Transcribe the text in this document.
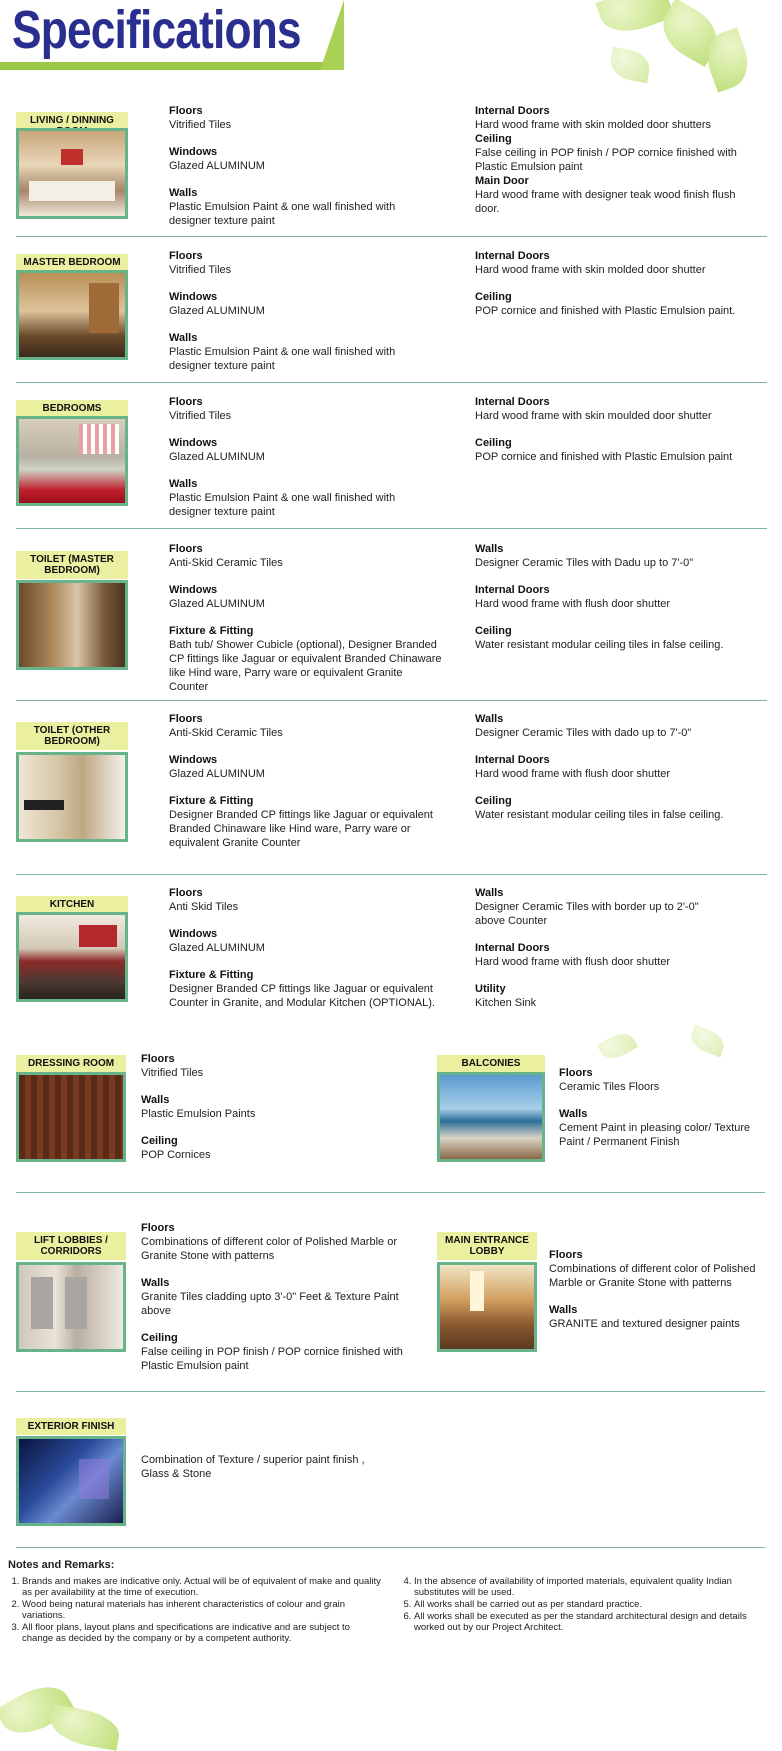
Specifications
LIVING / DINNING
Floors
Vitrified Tiles
Windows
Glazed ALUMINUM
Walls
Plastic Emulsion Paint & one wall finished with designer texture paint
Internal Doors
Hard wood frame with skin molded door shutters
Ceiling
False ceiling in POP finish / POP cornice finished with Plastic Emulsion paint
Main Door
Hard wood frame with designer teak wood finish flush door.
MASTER BEDROOM
Floors
Vitrified Tiles
Windows
Glazed ALUMINUM
Walls
Plastic Emulsion Paint & one wall finished with designer texture paint
Internal Doors
Hard wood frame with skin molded door shutter
Ceiling
POP cornice and finished with Plastic Emulsion paint.
BEDROOMS
Floors
Vitrified Tiles
Windows
Glazed ALUMINUM
Walls
Plastic Emulsion Paint & one wall finished with designer texture paint
Internal Doors
Hard wood frame with skin moulded door shutter
Ceiling
POP cornice and finished with Plastic Emulsion paint
TOILET (MASTER BEDROOM)
Floors
Anti-Skid Ceramic Tiles
Windows
Glazed ALUMINUM
Fixture & Fitting
Bath tub/ Shower Cubicle (optional), Designer Branded CP fittings like Jaguar or equivalent Branded Chinaware like Hind ware, Parry ware or equivalent Granite Counter
Walls
Designer Ceramic Tiles with Dadu up to 7'-0"
Internal Doors
Hard wood frame with flush door shutter
Ceiling
Water resistant modular ceiling tiles in false ceiling.
TOILET (OTHER BEDROOM)
Floors
Anti-Skid Ceramic Tiles
Windows
Glazed ALUMINUM
Fixture & Fitting
Designer Branded CP fittings like Jaguar or equivalent Branded Chinaware like Hind ware, Parry ware or equivalent Granite Counter
Walls
Designer Ceramic Tiles with dado up to 7'-0"
Internal Doors
Hard wood frame with flush door shutter
Ceiling
Water resistant modular ceiling tiles in false ceiling.
KITCHEN
Floors
Anti Skid Tiles
Windows
Glazed ALUMINUM
Fixture & Fitting
Designer Branded CP fittings like Jaguar or equivalent Counter in Granite, and Modular Kitchen (OPTIONAL).
Walls
Designer Ceramic Tiles with border up to 2'-0" above Counter
Internal Doors
Hard wood frame with flush door shutter
Utility
Kitchen Sink
DRESSING ROOM	Floors
Vitrified Tiles
Walls
Plastic Emulsion Paints
Ceiling
POP Cornices
BALCONIES
Floors
Ceramic Tiles Floors
Walls
Cement Paint in pleasing color/ Texture Paint / Permanent Finish
LIFT LOBBIES / CORRIDORS
Floors
Combinations of different color of Polished Marble or Granite Stone with patterns
Walls
Granite Tiles cladding upto 3'-0" Feet & Texture Paint above
Ceiling
False ceiling in POP finish / POP cornice finished with Plastic Emulsion paint
MAIN ENTRANCE LOBBY	Floors
Combinations of different color of Polished Marble or Granite Stone with patterns
Walls
GRANITE and textured designer paints
EXTERIOR FINISH
Combination of Texture / superior paint finish , Glass & Stone
Notes and Remarks:
1. Brands and makes are indicative only. Actual will be of equivalent of make and quality as per availability at the time of execution.
2. Wood being natural materials has inherent characteristics of colour and grain variations.
3. All floor plans, layout plans and specifications are indicative and are subject to change as decided by the company or by a competent authority.
4. In the absence of availability of imported materials, equivalent quality Indian substitutes will be used.
5. All works shall be carried out as per standard practice.
6. All works shall be executed as per the standard architectural design and details worked out by our Project Architect.
